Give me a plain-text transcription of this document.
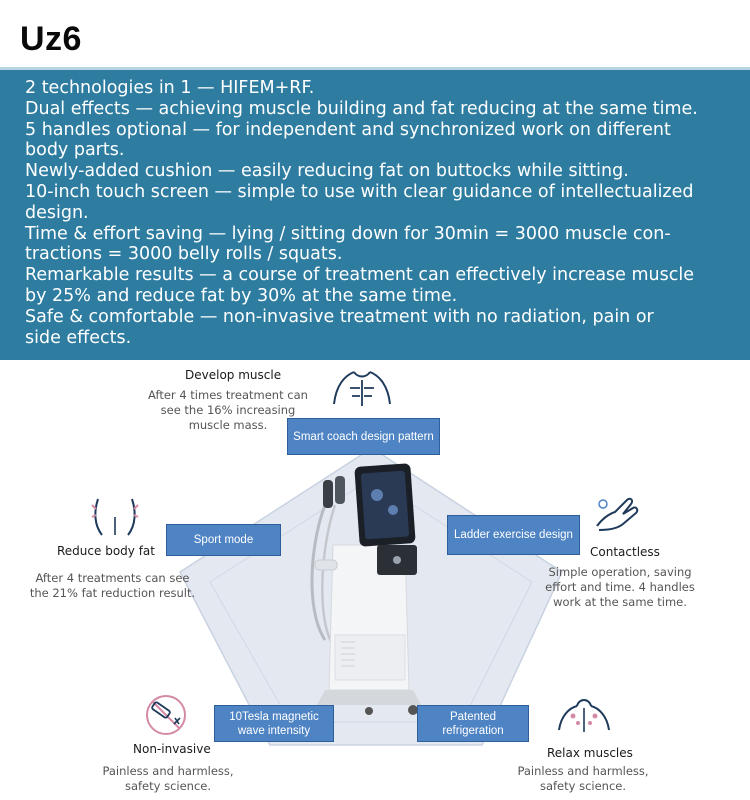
Uz6

2 technologies in 1 — HIFEM+RF.

Dual effects — achieving muscle building and fat reducing at the same time.

5 handles optional — for independent and synchronized work on different

body parts.

Newly-added cushion — easily reducing fat on buttocks while sitting.

10-inch touch screen — simple to use with clear guidance of intellectualized

design.

Time & effort saving — lying / sitting down for 30min = 3000 muscle con-

tractions = 3000 belly rolls / squats.

Remarkable results — a course of treatment can effectively increase muscle

by 25% and reduce fat by 30% at the same time.

Safe & comfortable — non-invasive treatment with no radiation, pain or

side effects.

Smart coach design pattern
Sport mode	Ladder exercise design
10Tesla magnetic wave intensity
Patented refrigeration
Develop muscle
After 4 times treatment can
see the 16% increasing
muscle mass.
Reduce body fat
After 4 treatments can see
the 21% fat reduction result.
Contactless
Simple operation, saving
effort and time. 4 handles
work at the same time.
Non-invasive
Painless and harmless,
safety science.
Relax muscles
Painless and harmless,
safety science.
